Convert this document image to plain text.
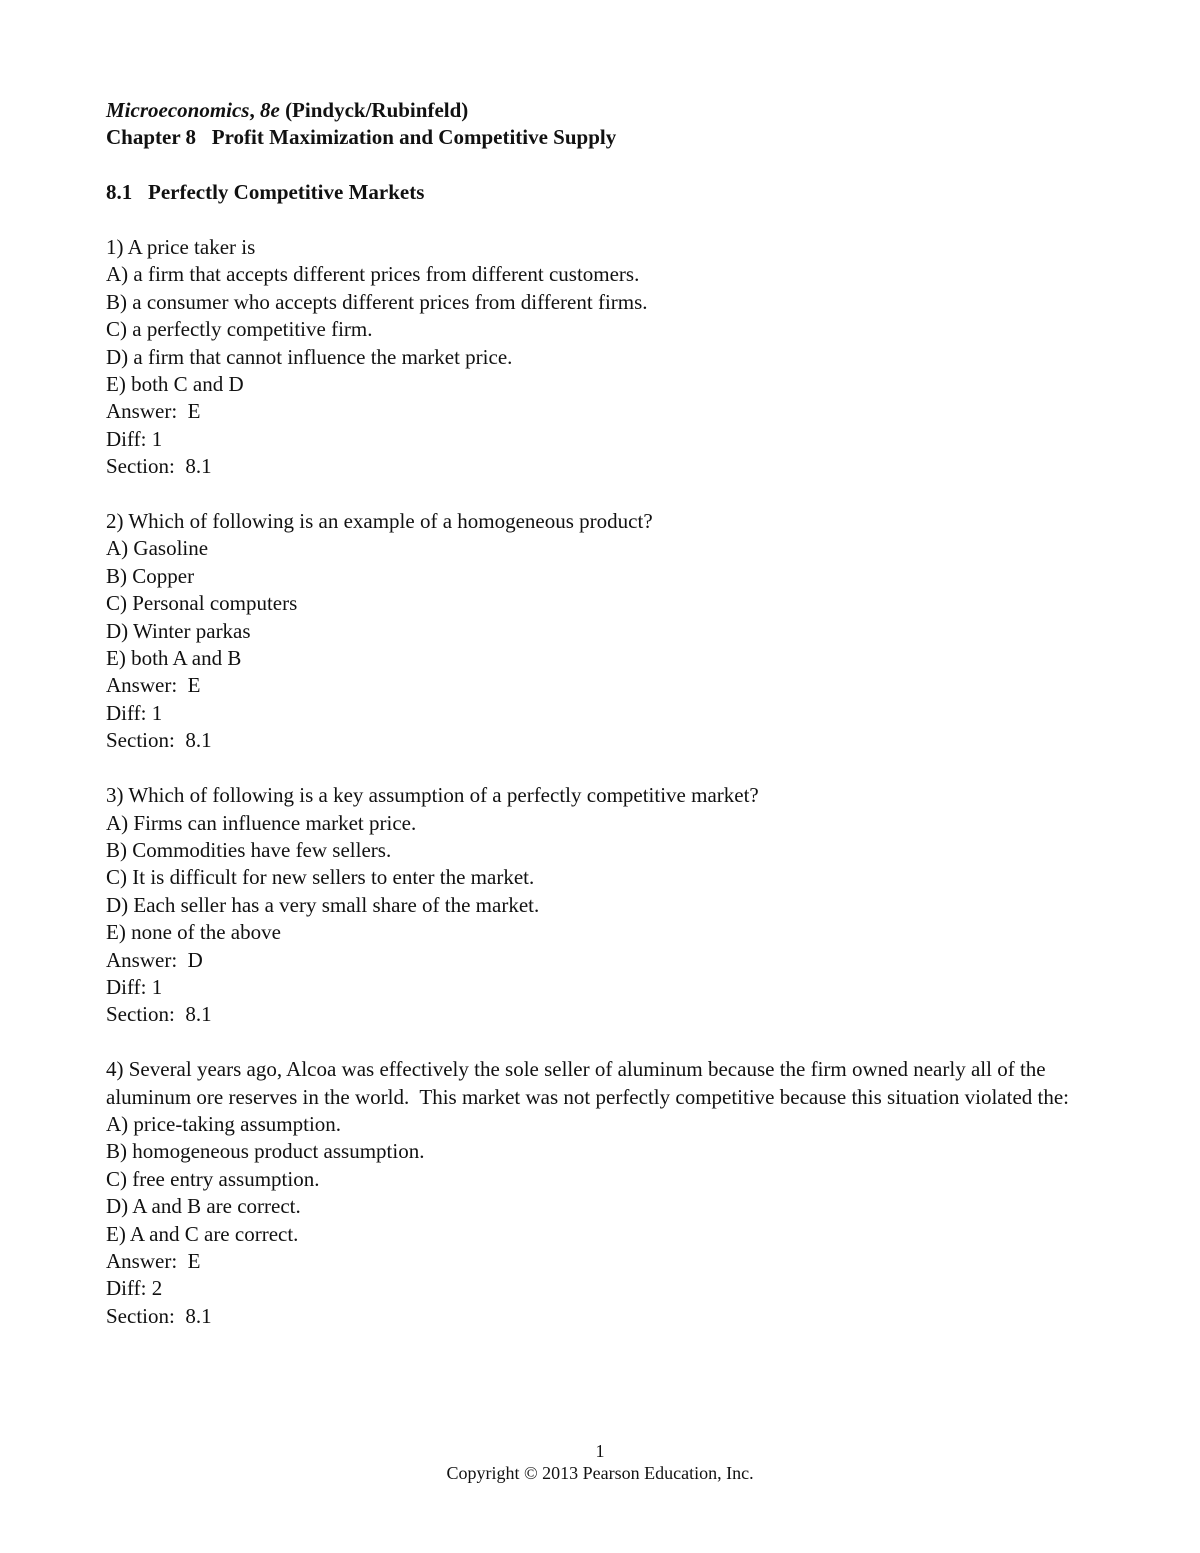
Microeconomics, 8e (Pindyck/Rubinfeld)
Chapter 8   Profit Maximization and Competitive Supply
8.1   Perfectly Competitive Markets
1) A price taker is
A) a firm that accepts different prices from different customers.
B) a consumer who accepts different prices from different firms.
C) a perfectly competitive firm.
D) a firm that cannot influence the market price.
E) both C and D
Answer:  E
Diff: 1
Section:  8.1
2) Which of following is an example of a homogeneous product?
A) Gasoline
B) Copper
C) Personal computers
D) Winter parkas
E) both A and B
Answer:  E
Diff: 1
Section:  8.1
3) Which of following is a key assumption of a perfectly competitive market?
A) Firms can influence market price.
B) Commodities have few sellers.
C) It is difficult for new sellers to enter the market.
D) Each seller has a very small share of the market.
E) none of the above
Answer:  D
Diff: 1
Section:  8.1
4) Several years ago, Alcoa was effectively the sole seller of aluminum because the firm owned nearly all of the aluminum ore reserves in the world.  This market was not perfectly competitive because this situation violated the:
A) price-taking assumption.
B) homogeneous product assumption.
C) free entry assumption.
D) A and B are correct.
E) A and C are correct.
Answer:  E
Diff: 2
Section:  8.1
1
Copyright © 2013 Pearson Education, Inc.
